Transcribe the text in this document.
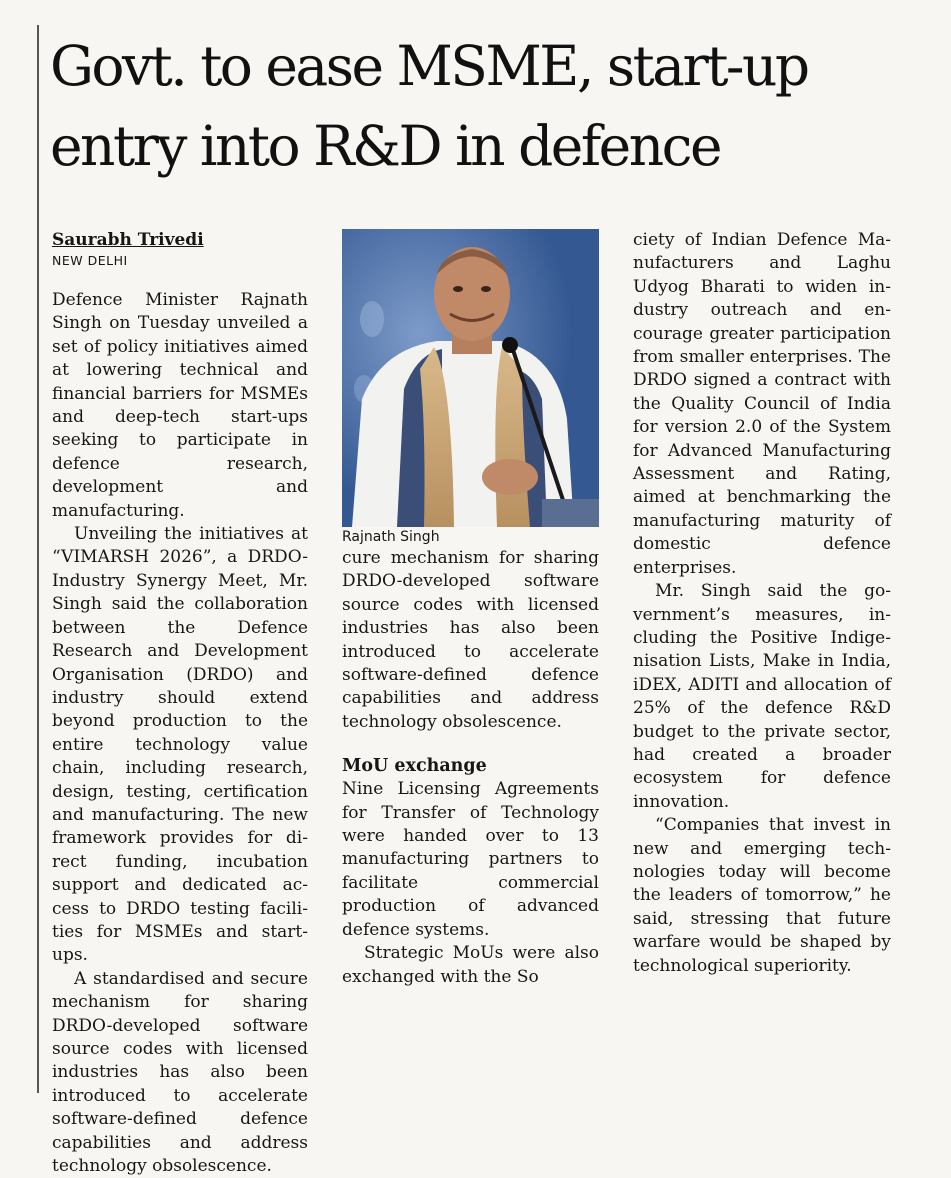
Govt. to ease MSME, start-up
entry into R&D in defence

Saurabh Trivedi

NEW DELHI

Defence Minister Rajnath Singh on Tuesday unveiled a set of policy initiatives aimed at lowering technical and financial barriers for MSMEs and deep-tech start-ups seeking to participate in defence research, development and manufacturing.

Unveiling the initiatives at “VIMARSH 2026”, a DRDO-Industry Synergy Meet, Mr. Singh said the collaboration between the Defence Research and Development Organisation (DRDO) and industry should extend beyond production to the entire technology value chain, including research, design, testing, certification and manufacturing. The new framework provides for direct funding, incubation support and dedicated access to DRDO testing facilities for MSMEs and start-ups.

A standardised and secure mechanism for sharing DRDO-developed software source codes with licensed industries has also been introduced to accelerate software-defined defence capabilities and address technology obsolescence.

Rajnath Singh

cure mechanism for sharing DRDO-developed software source codes with licensed industries has also been introduced to accelerate software-defined defence capabilities and address technology obsolescence.

MoU exchange

Nine Licensing Agreements for Transfer of Technology were handed over to 13 manufacturing partners to facilitate commercial production of advanced defence systems.

Strategic MoUs were also exchanged with the So

ciety of Indian Defence Manufacturers and Laghu Udyog Bharati to widen industry outreach and encourage greater participation from smaller enterprises. The DRDO signed a contract with the Quality Council of India for version 2.0 of the System for Advanced Manufacturing Assessment and Rating, aimed at benchmarking the manufacturing maturity of domestic defence enterprises.

Mr. Singh said the government’s measures, including the Positive Indigenisation Lists, Make in India, iDEX, ADITI and allocation of 25% of the defence R&D budget to the private sector, had created a broader ecosystem for defence innovation.

“Companies that invest in new and emerging technologies today will become the leaders of tomorrow,” he said, stressing that future warfare would be shaped by technological superiority.
